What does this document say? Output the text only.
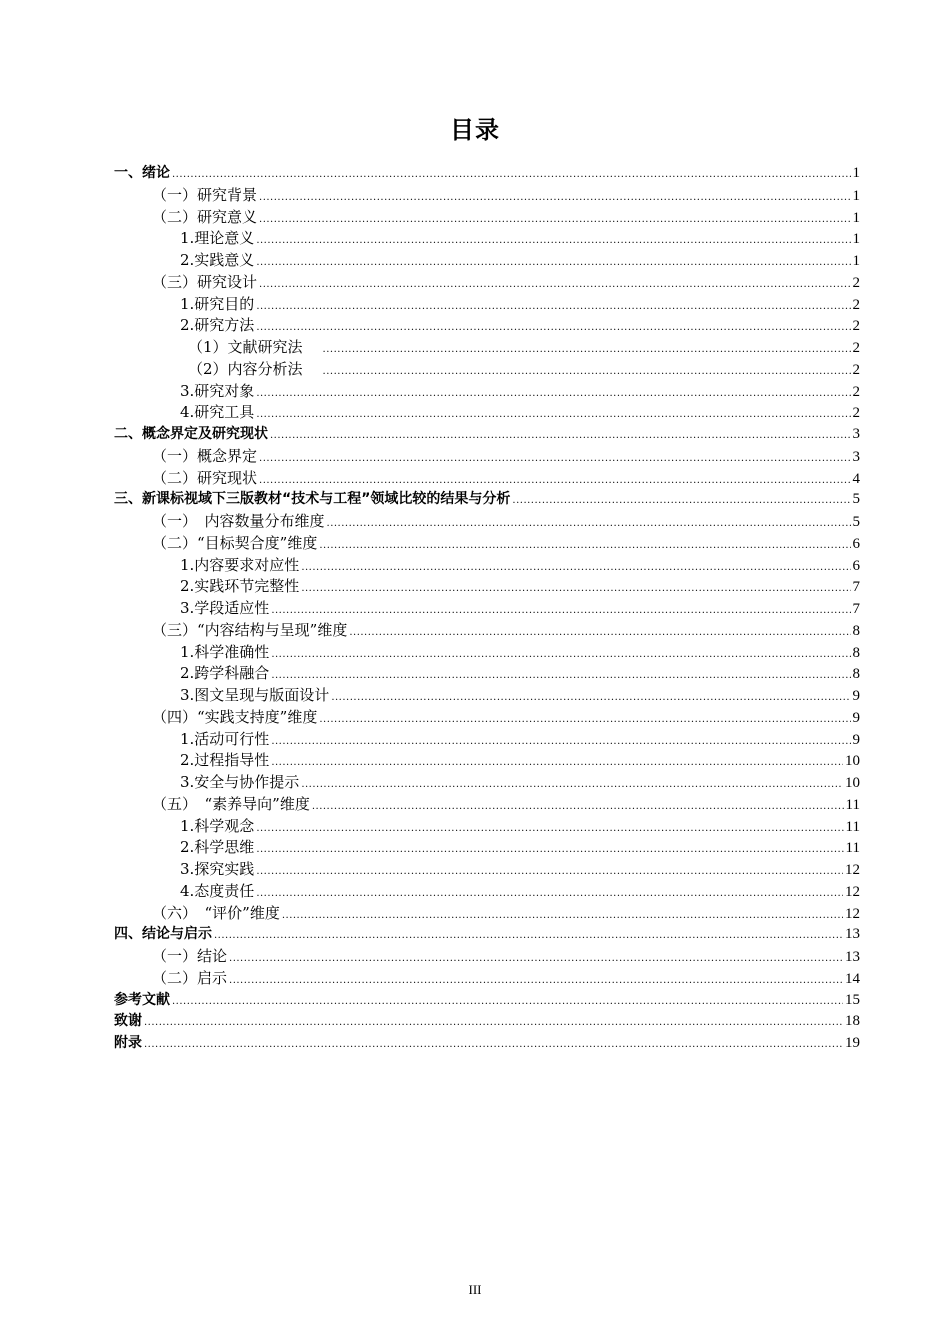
目录
一、绪论 .....	1
（一）研究背景 .....	1
（二）研究意义 .....	1
1.理论意义 .....	1
2.实践意义 .....	1
（三）研究设计 .....	2
1.研究目的 .....	2
2.研究方法 .....	2
（1）文献研究法 .....	2
（2）内容分析法 .....	2
3.研究对象 .....	2
4.研究工具 .....	2
二、概念界定及研究现状 .....	3
（一）概念界定 .....	3
（二）研究现状 .....	4
三、新课标视域下三版教材“技术与工程”领域比较的结果与分析 .....	5
（一）　内容数量分布维度 .....	5
（二）“目标契合度”维度 .....	6
1.内容要求对应性 .....	6
2.实践环节完整性 .....	7
3.学段适应性 .....	7
（三）“内容结构与呈现”维度 .....	8
1.科学准确性 .....	8
2.跨学科融合 .....	8
3.图文呈现与版面设计 .....	9
（四）“实践支持度”维度 .....	9
1.活动可行性 .....	9
2.过程指导性 .....	10
3.安全与协作提示 .....	10
（五）　“素养导向”维度 .....	11
1.科学观念 .....	11
2.科学思维 .....	11
3.探究实践 .....	12
4.态度责任 .....	12
（六）　“评价”维度 .....	12
四、结论与启示 .....	13
（一）结论 .....	13
（二）启示 .....	14
参考文献 .....	15
致谢 .....	18
附录 .....	19
III
